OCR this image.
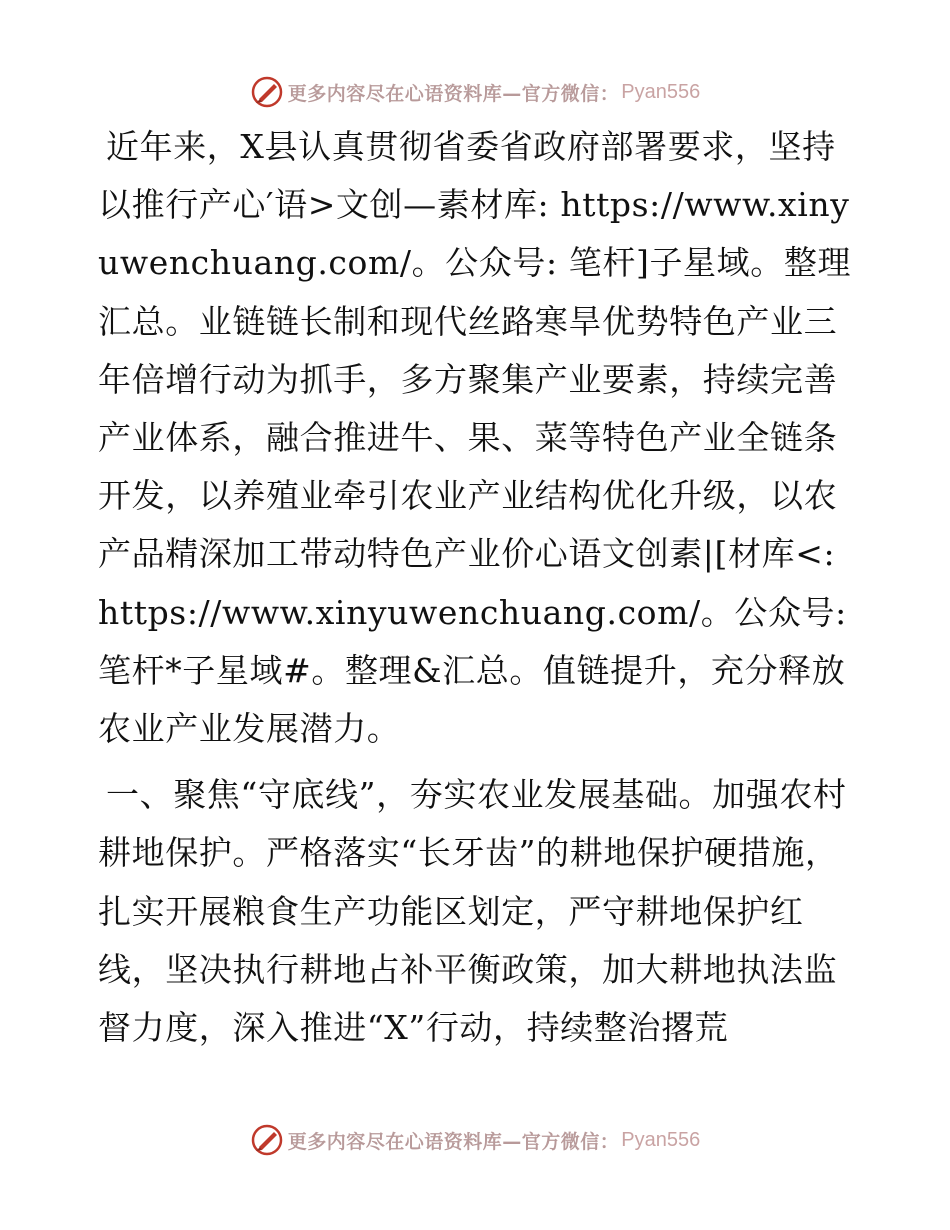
更多内容尽在心语资料库—官方微信： Pyan556

近年来，X县认真贯彻省委省政府部署要求，坚持以推行产心′语>文创—素材库: https://www.xinyuwenchuang.com/。公众号: 笔杆]子星域。整理汇总。业链链长制和现代丝路寒旱优势特色产业三年倍增行动为抓手，多方聚集产业要素，持续完善产业体系，融合推进牛、果、菜等特色产业全链条开发，以养殖业牵引农业产业结构优化升级，以农产品精深加工带动特色产业价心语文创素|[材库<: https://www.xinyuwenchuang.com/。公众号: 笔杆*子星域#。整理&汇总。值链提升，充分释放农业产业发展潜力。

一、聚焦“守底线”，夯实农业发展基础。加强农村耕地保护。严格落实“长牙齿”的耕地保护硬措施，扎实开展粮食生产功能区划定，严守耕地保护红线，坚决执行耕地占补平衡政策，加大耕地执法监督力度，深入推进“X”行动，持续整治撂荒

更多内容尽在心语资料库—官方微信： Pyan556
